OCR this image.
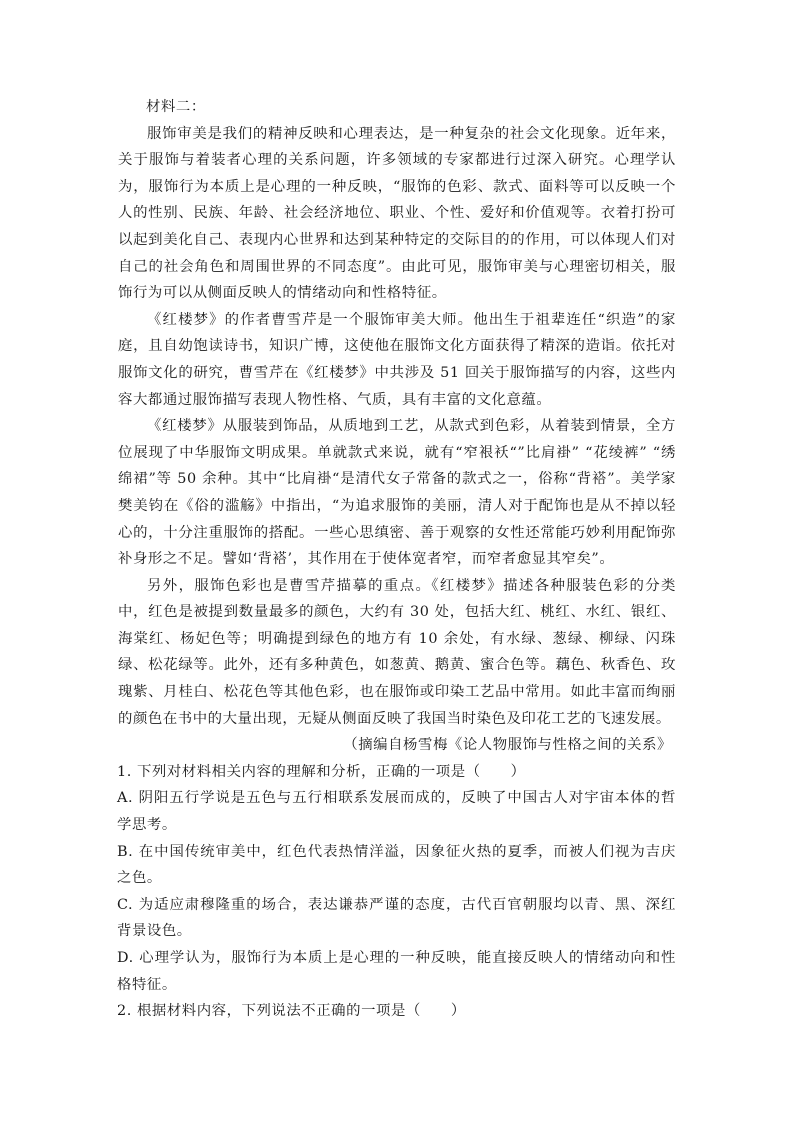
材料二：

服饰审美是我们的精神反映和心理表达，是一种复杂的社会文化现象。近年来，关于服饰与着装者心理的关系问题，许多领域的专家都进行过深入研究。心理学认为，服饰行为本质上是心理的一种反映，“服饰的色彩、款式、面料等可以反映一个人的性别、民族、年龄、社会经济地位、职业、个性、爱好和价值观等。衣着打扮可以起到美化自己、表现内心世界和达到某种特定的交际目的的作用，可以体现人们对自己的社会角色和周围世界的不同态度”。由此可见，服饰审美与心理密切相关，服饰行为可以从侧面反映人的情绪动向和性格特征。

《红楼梦》的作者曹雪芹是一个服饰审美大师。他出生于祖辈连任“织造”的家庭，且自幼饱读诗书，知识广博，这使他在服饰文化方面获得了精深的造诣。依托对服饰文化的研究，曹雪芹在《红楼梦》中共涉及 51 回关于服饰描写的内容，这些内容大都通过服饰描写表现人物性格、气质，具有丰富的文化意蕴。

《红楼梦》从服装到饰品，从质地到工艺，从款式到色彩，从着装到情景，全方位展现了中华服饰文明成果。单就款式来说，就有“窄裉袄“”比肩褂” “花绫裤” “绣绵裙”等 50 余种。其中“比肩褂“是清代女子常备的款式之一，俗称“背褡”。美学家樊美钧在《俗的滥觞》中指出，“为追求服饰的美丽，清人对于配饰也是从不掉以轻心的，十分注重服饰的搭配。一些心思缜密、善于观察的女性还常能巧妙利用配饰弥补身形之不足。譬如‘背褡’，其作用在于使体宽者窄，而窄者愈显其窄矣”。

另外，服饰色彩也是曹雪芹描摹的重点。《红楼梦》描述各种服装色彩的分类中，红色是被提到数量最多的颜色，大约有 30 处，包括大红、桃红、水红、银红、海棠红、杨妃色等；明确提到绿色的地方有 10 余处，有水绿、葱绿、柳绿、闪珠绿、松花绿等。此外，还有多种黄色，如葱黄、鹅黄、蜜合色等。藕色、秋香色、玫瑰紫、月桂白、松花色等其他色彩，也在服饰或印染工艺品中常用。如此丰富而绚丽的颜色在书中的大量出现，无疑从侧面反映了我国当时染色及印花工艺的飞速发展。

（摘编自杨雪梅《论人物服饰与性格之间的关系》

1. 下列对材料相关内容的理解和分析，正确的一项是（ ）

A. 阴阳五行学说是五色与五行相联系发展而成的，反映了中国古人对宇宙本体的哲学思考。

B. 在中国传统审美中，红色代表热情洋溢，因象征火热的夏季，而被人们视为吉庆之色。

C. 为适应肃穆隆重的场合，表达谦恭严谨的态度，古代百官朝服均以青、黑、深红背景设色。

D. 心理学认为，服饰行为本质上是心理的一种反映，能直接反映人的情绪动向和性格特征。

2. 根据材料内容，下列说法不正确的一项是（ ）
